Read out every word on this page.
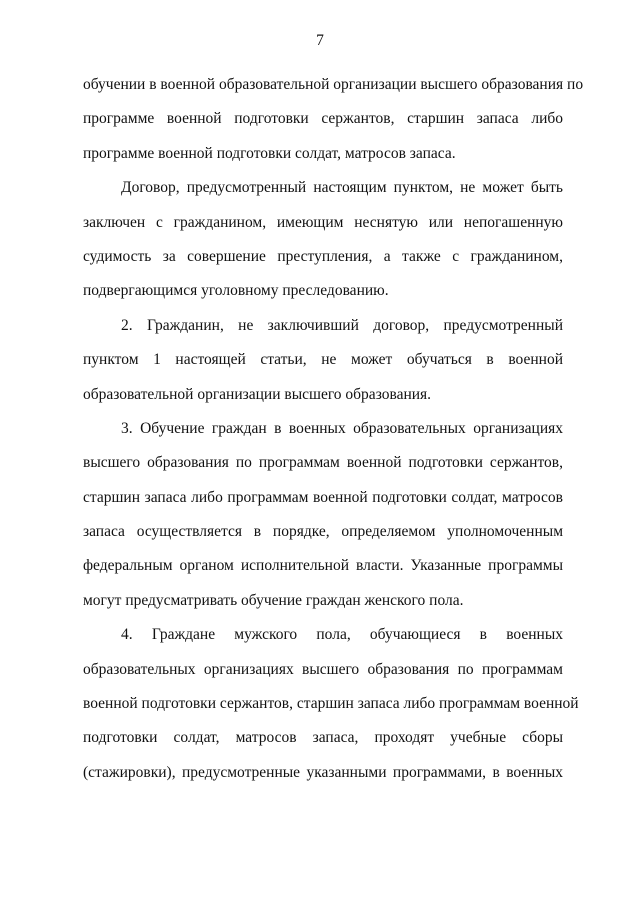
7
обучении в военной образовательной организации высшего образования по
программе военной подготовки сержантов, старшин запаса либо
программе военной подготовки солдат, матросов запаса.
Договор, предусмотренный настоящим пунктом, не может быть
заключен с гражданином, имеющим неснятую или непогашенную
судимость за совершение преступления, а также с гражданином,
подвергающимся уголовному преследованию.
2. Гражданин, не заключивший договор, предусмотренный
пунктом 1 настоящей статьи, не может обучаться в военной
образовательной организации высшего образования.
3. Обучение граждан в военных образовательных организациях
высшего образования по программам военной подготовки сержантов,
старшин запаса либо программам военной подготовки солдат, матросов
запаса осуществляется в порядке, определяемом уполномоченным
федеральным органом исполнительной власти. Указанные программы
могут предусматривать обучение граждан женского пола.
4. Граждане мужского пола, обучающиеся в военных
образовательных организациях высшего образования по программам
военной подготовки сержантов, старшин запаса либо программам военной
подготовки солдат, матросов запаса, проходят учебные сборы
(стажировки), предусмотренные указанными программами, в военных
